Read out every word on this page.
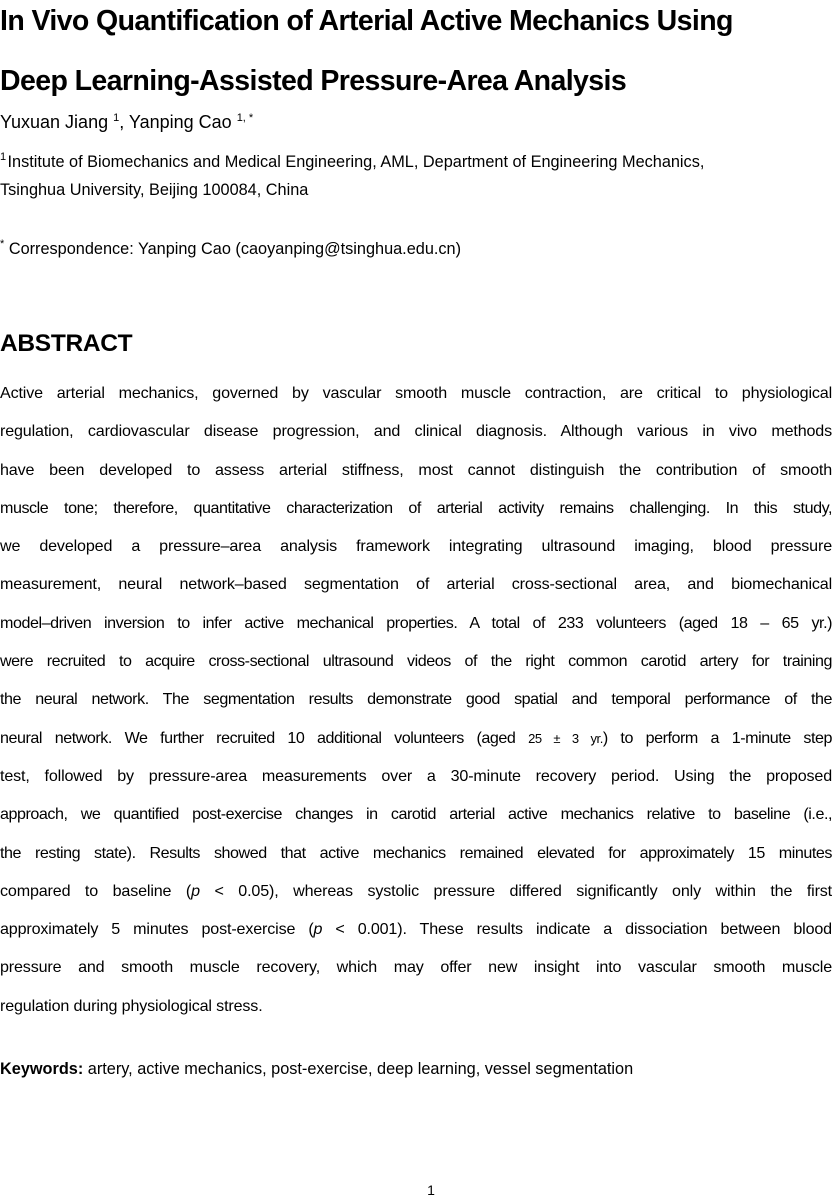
In Vivo Quantification of Arterial Active Mechanics Using
Deep Learning-Assisted Pressure-Area Analysis
Yuxuan Jiang $^1$, Yanping Cao $^{1, *}$
$^1$ Institute of Biomechanics and Medical Engineering, AML, Department of Engineering Mechanics,
Tsinghua University, Beijing 100084, China
* Correspondence: Yanping Cao (caoyanping@tsinghua.edu.cn)
ABSTRACT
Active arterial mechanics, governed by vascular smooth muscle contraction, are critical to physiological
regulation, cardiovascular disease progression, and clinical diagnosis. Although various in vivo methods
have been developed to assess arterial stiffness, most cannot distinguish the contribution of smooth
muscle tone; therefore, quantitative characterization of arterial activity remains challenging. In this study,
we developed a pressure–area analysis framework integrating ultrasound imaging, blood pressure
measurement, neural network–based segmentation of arterial cross-sectional area, and biomechanical
model–driven inversion to infer active mechanical properties. A total of 233 volunteers (aged 18 – 65 yr.)
were recruited to acquire cross-sectional ultrasound videos of the right common carotid artery for training
the neural network. The segmentation results demonstrate good spatial and temporal performance of the
neural network. We further recruited 10 additional volunteers (aged 25 ± 3 yr.) to perform a 1-minute step
test, followed by pressure-area measurements over a 30-minute recovery period. Using the proposed
approach, we quantified post-exercise changes in carotid arterial active mechanics relative to baseline (i.e.,
the resting state). Results showed that active mechanics remained elevated for approximately 15 minutes
compared to baseline (p < 0.05), whereas systolic pressure differed significantly only within the first
approximately 5 minutes post-exercise (p < 0.001). These results indicate a dissociation between blood
pressure and smooth muscle recovery, which may offer new insight into vascular smooth muscle
regulation during physiological stress.
Keywords: artery, active mechanics, post-exercise, deep learning, vessel segmentation
1
